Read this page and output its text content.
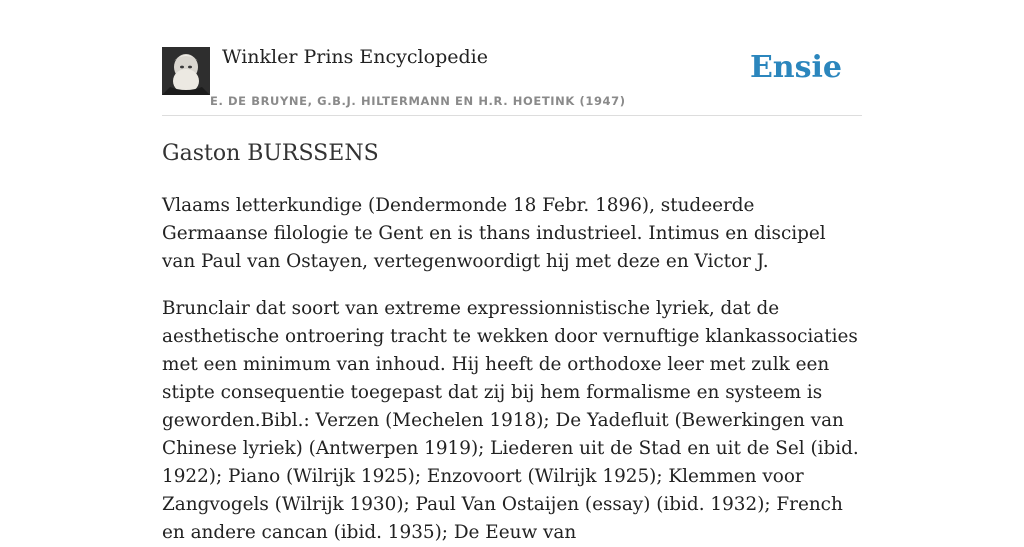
Winkler Prins Encyclopedie
E. DE BRUYNE, G.B.J. HILTERMANN EN H.R. HOETINK (1947)
Ensie
Gaston BURSSENS

Vlaams letterkundige (Dendermonde 18 Febr. 1896), studeerde Germaanse filologie te Gent en is thans industrieel. Intimus en discipel van Paul van Ostayen, vertegenwoordigt hij met deze en Victor J.

Brunclair dat soort van extreme expressionnistische lyriek, dat de aesthetische ontroering tracht te wekken door vernuftige klankassociaties met een minimum van inhoud. Hij heeft de orthodoxe leer met zulk een stipte consequentie toegepast dat zij bij hem formalisme en systeem is geworden.Bibl.: Verzen (Mechelen 1918); De Yadefluit (Bewerkingen van Chinese lyriek) (Antwerpen 1919); Liederen uit de Stad en uit de Sel (ibid. 1922); Piano (Wilrijk 1925); Enzovoort (Wilrijk 1925); Klemmen voor Zangvogels (Wilrijk 1930); Paul Van Ostaijen (essay) (ibid. 1932); French en andere cancan (ibid. 1935); De Eeuw van
